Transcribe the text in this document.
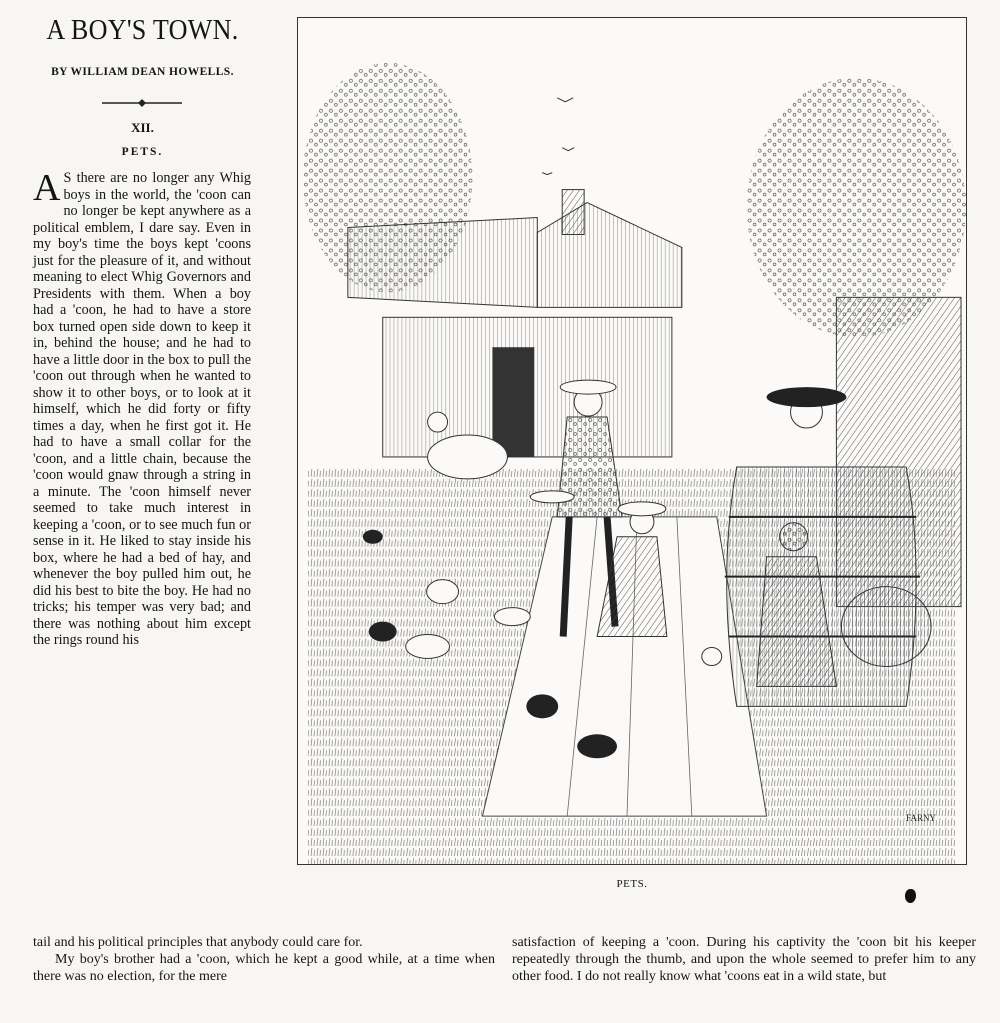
A BOY'S TOWN.
BY WILLIAM DEAN HOWELLS.
XII.
PETS.

A S there are no longer any Whig boys in the world, the 'coon can no longer be kept anywhere as a political emblem, I dare say. Even in my boy's time the boys kept 'coons just for the pleasure of it, and without meaning to elect Whig Governors and Presidents with them. When a boy had a 'coon, he had to have a store box turned open side down to keep it in, behind the house; and he had to have a little door in the box to pull the 'coon out through when he wanted to show it to other boys, or to look at it himself, which he did forty or fifty times a day, when he first got it. He had to have a small collar for the 'coon, and a little chain, because the 'coon would gnaw through a string in a minute. The 'coon himself never seemed to take much interest in keeping a 'coon, or to see much fun or sense in it. He liked to stay inside his box, where he had a bed of hay, and whenever the boy pulled him out, he did his best to bite the boy. He had no tricks; his temper was very bad; and there was nothing about him except the rings round his

FARNY
PETS.

tail and his political principles that anybody could care for.
My boy's brother had a 'coon, which he kept a good while, at a time when there was no election, for the mere

satisfaction of keeping a 'coon. During his captivity the 'coon bit his keeper repeatedly through the thumb, and upon the whole seemed to prefer him to any other food. I do not really know what 'coons eat in a wild state, but
